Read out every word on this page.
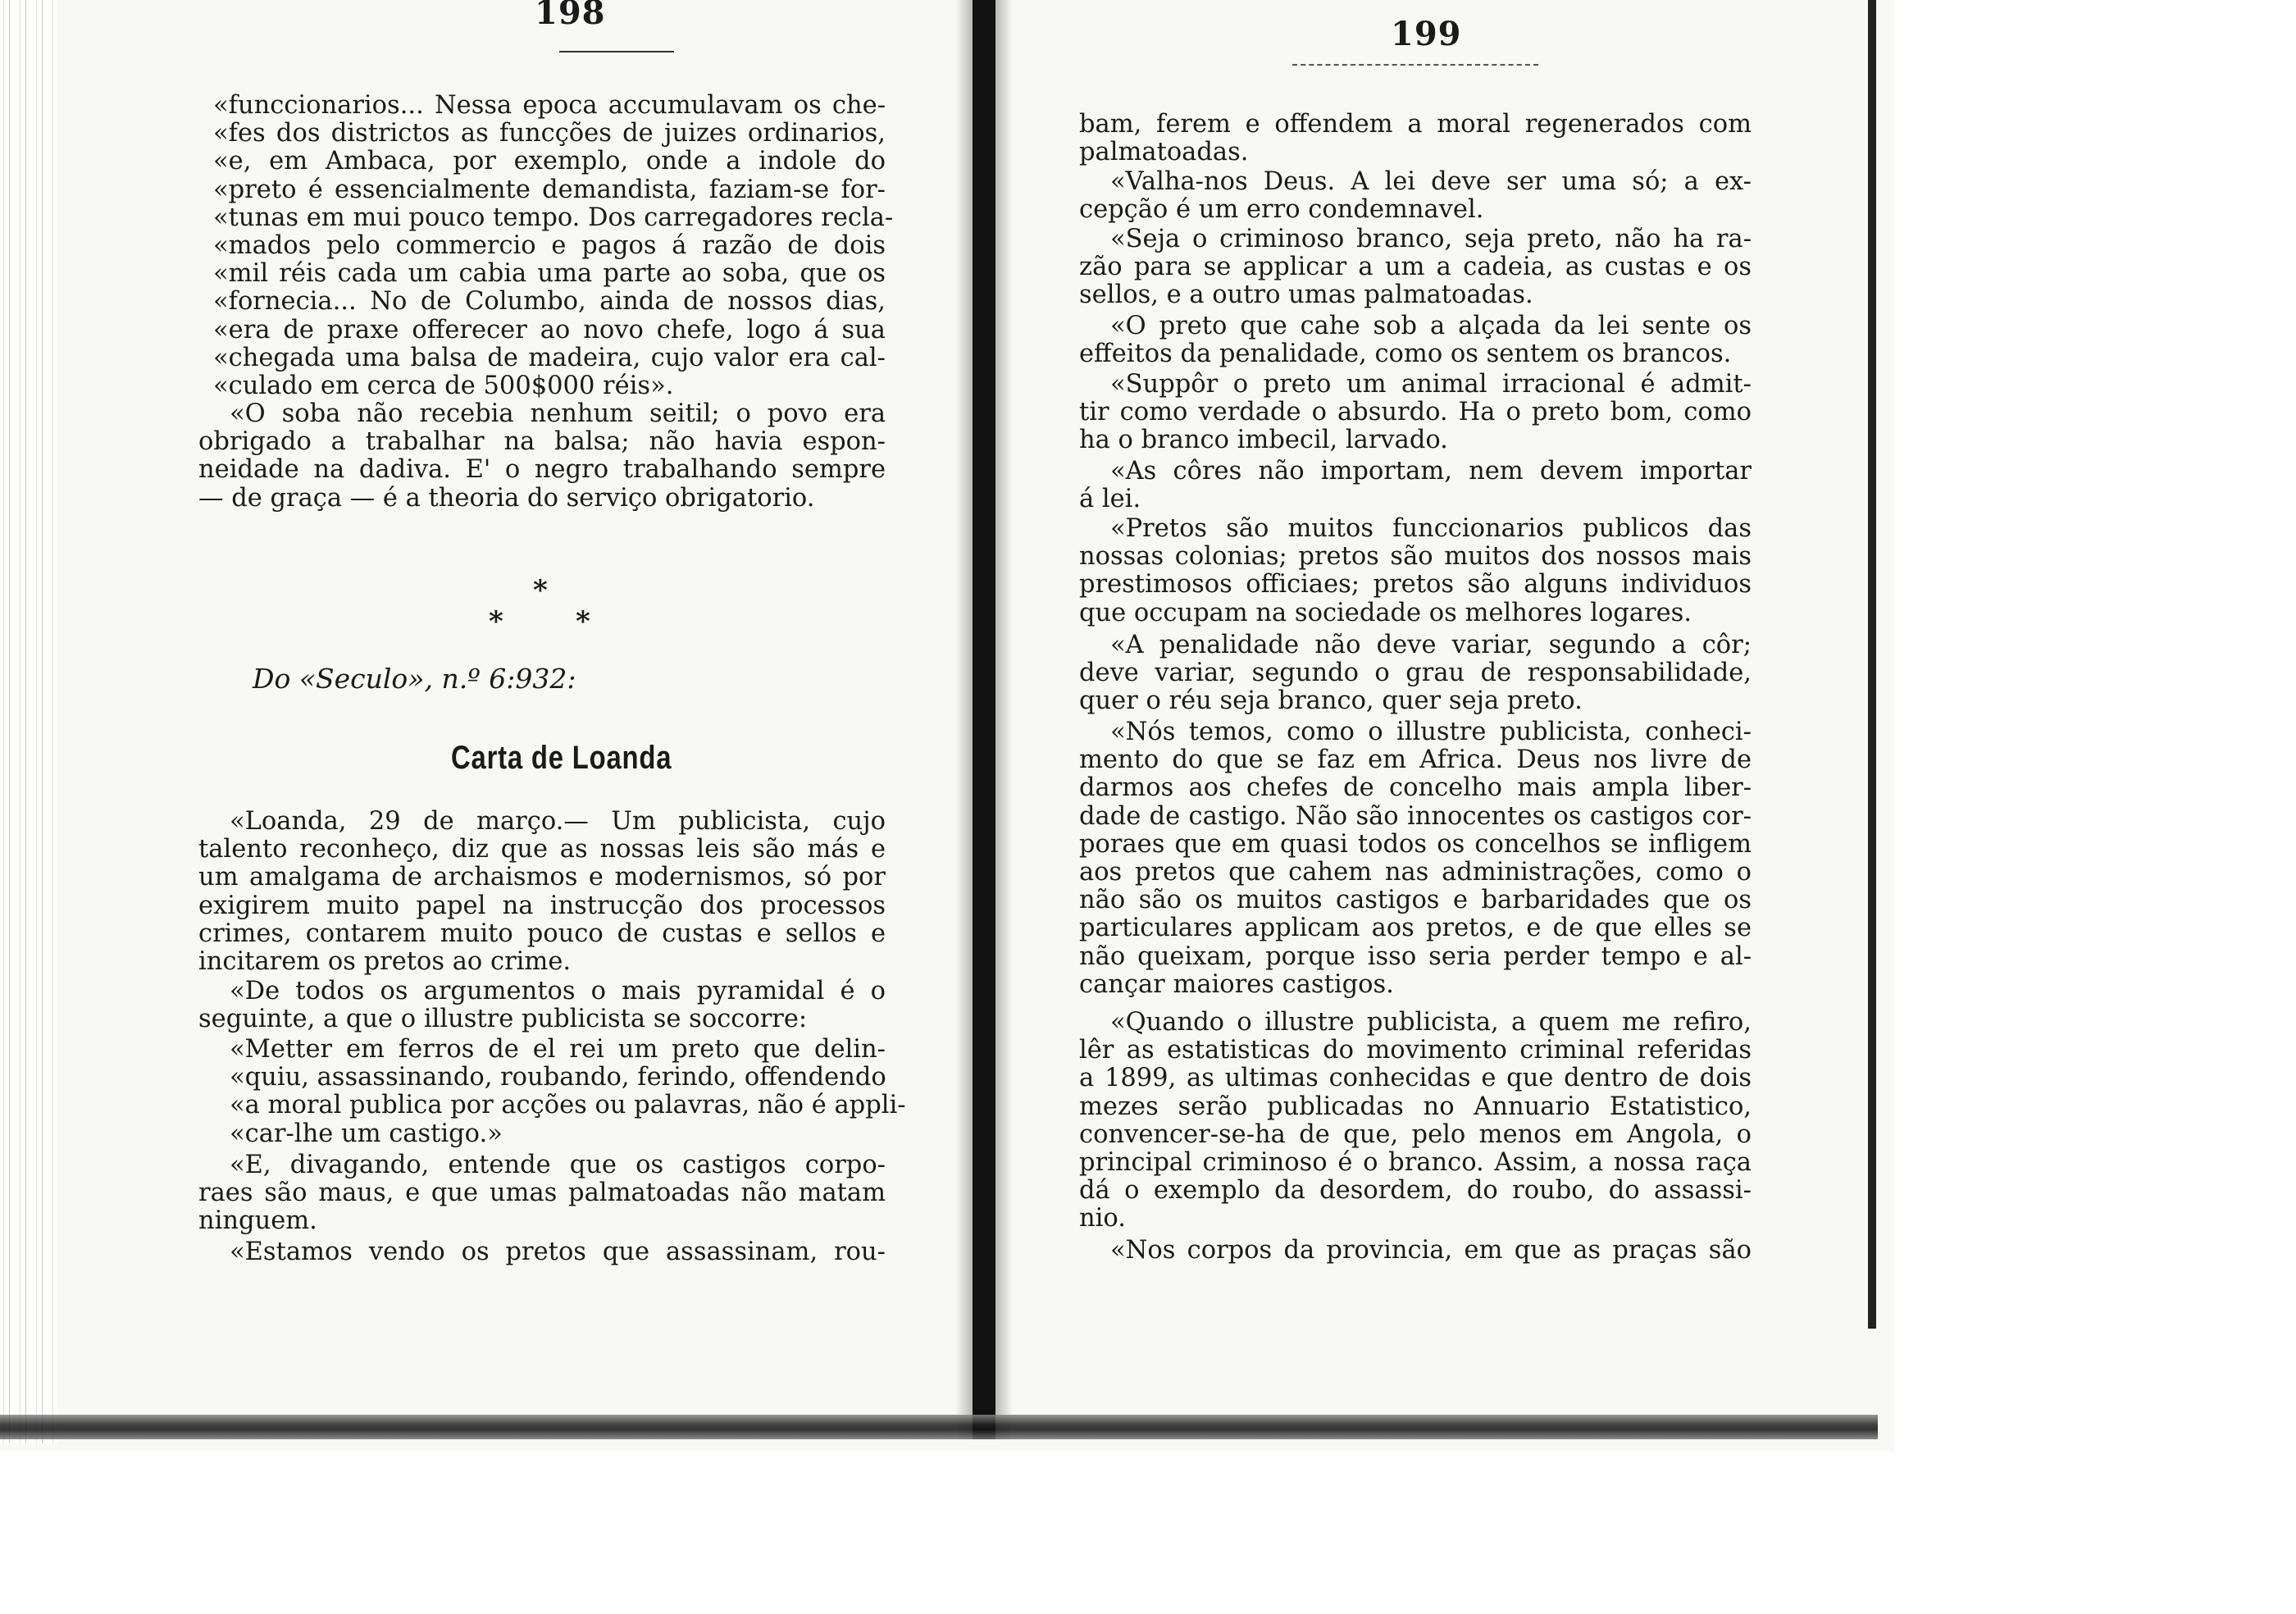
198
«funccionarios... Nessa epoca accumulavam os che-
«fes dos districtos as funcções de juizes ordinarios,
«e, em Ambaca, por exemplo, onde a indole do
«preto é essencialmente demandista, faziam-se for-
«tunas em mui pouco tempo. Dos carregadores recla-
«mados pelo commercio e pagos á razão de dois
«mil réis cada um cabia uma parte ao soba, que os
«fornecia... No de Columbo, ainda de nossos dias,
«era de praxe offerecer ao novo chefe, logo á sua
«chegada uma balsa de madeira, cujo valor era cal-
«culado em cerca de 500$000 réis».
«O soba não recebia nenhum seitil; o povo era
obrigado a trabalhar na balsa; não havia espon-
neidade na dadiva. E' o negro trabalhando sempre
— de graça — é a theoria do serviço obrigatorio.
*
*	*
Do «Seculo», n.º 6:932:
Carta de Loanda
«Loanda, 29 de março.— Um publicista, cujo
talento reconheço, diz que as nossas leis são más e
um amalgama de archaismos e modernismos, só por
exigirem muito papel na instrucção dos processos
crimes, contarem muito pouco de custas e sellos e
incitarem os pretos ao crime.
«De todos os argumentos o mais pyramidal é o
seguinte, a que o illustre publicista se soccorre:
«Metter em ferros de el rei um preto que delin-
«quiu, assassinando, roubando, ferindo, offendendo
«a moral publica por acções ou palavras, não é appli-
«car-lhe um castigo.»
«E, divagando, entende que os castigos corpo-
raes são maus, e que umas palmatoadas não matam
ninguem.
«Estamos vendo os pretos que assassinam, rou-
199
bam, ferem e offendem a moral regenerados com
palmatoadas.
«Valha-nos Deus. A lei deve ser uma só; a ex-
cepção é um erro condemnavel.
«Seja o criminoso branco, seja preto, não ha ra-
zão para se applicar a um a cadeia, as custas e os
sellos, e a outro umas palmatoadas.
«O preto que cahe sob a alçada da lei sente os
effeitos da penalidade, como os sentem os brancos.
«Suppôr o preto um animal irracional é admit-
tir como verdade o absurdo. Ha o preto bom, como
ha o branco imbecil, larvado.
«As côres não importam, nem devem importar
á lei.
«Pretos são muitos funccionarios publicos das
nossas colonias; pretos são muitos dos nossos mais
prestimosos officiaes; pretos são alguns individuos
que occupam na sociedade os melhores logares.
«A penalidade não deve variar, segundo a côr;
deve variar, segundo o grau de responsabilidade,
quer o réu seja branco, quer seja preto.
«Nós temos, como o illustre publicista, conheci-
mento do que se faz em Africa. Deus nos livre de
darmos aos chefes de concelho mais ampla liber-
dade de castigo. Não são innocentes os castigos cor-
poraes que em quasi todos os concelhos se infligem
aos pretos que cahem nas administrações, como o
não são os muitos castigos e barbaridades que os
particulares applicam aos pretos, e de que elles se
não queixam, porque isso seria perder tempo e al-
cançar maiores castigos.
«Quando o illustre publicista, a quem me refiro,
lêr as estatisticas do movimento criminal referidas
a 1899, as ultimas conhecidas e que dentro de dois
mezes serão publicadas no Annuario Estatistico,
convencer-se-ha de que, pelo menos em Angola, o
principal criminoso é o branco. Assim, a nossa raça
dá o exemplo da desordem, do roubo, do assassi-
nio.
«Nos corpos da provincia, em que as praças são
